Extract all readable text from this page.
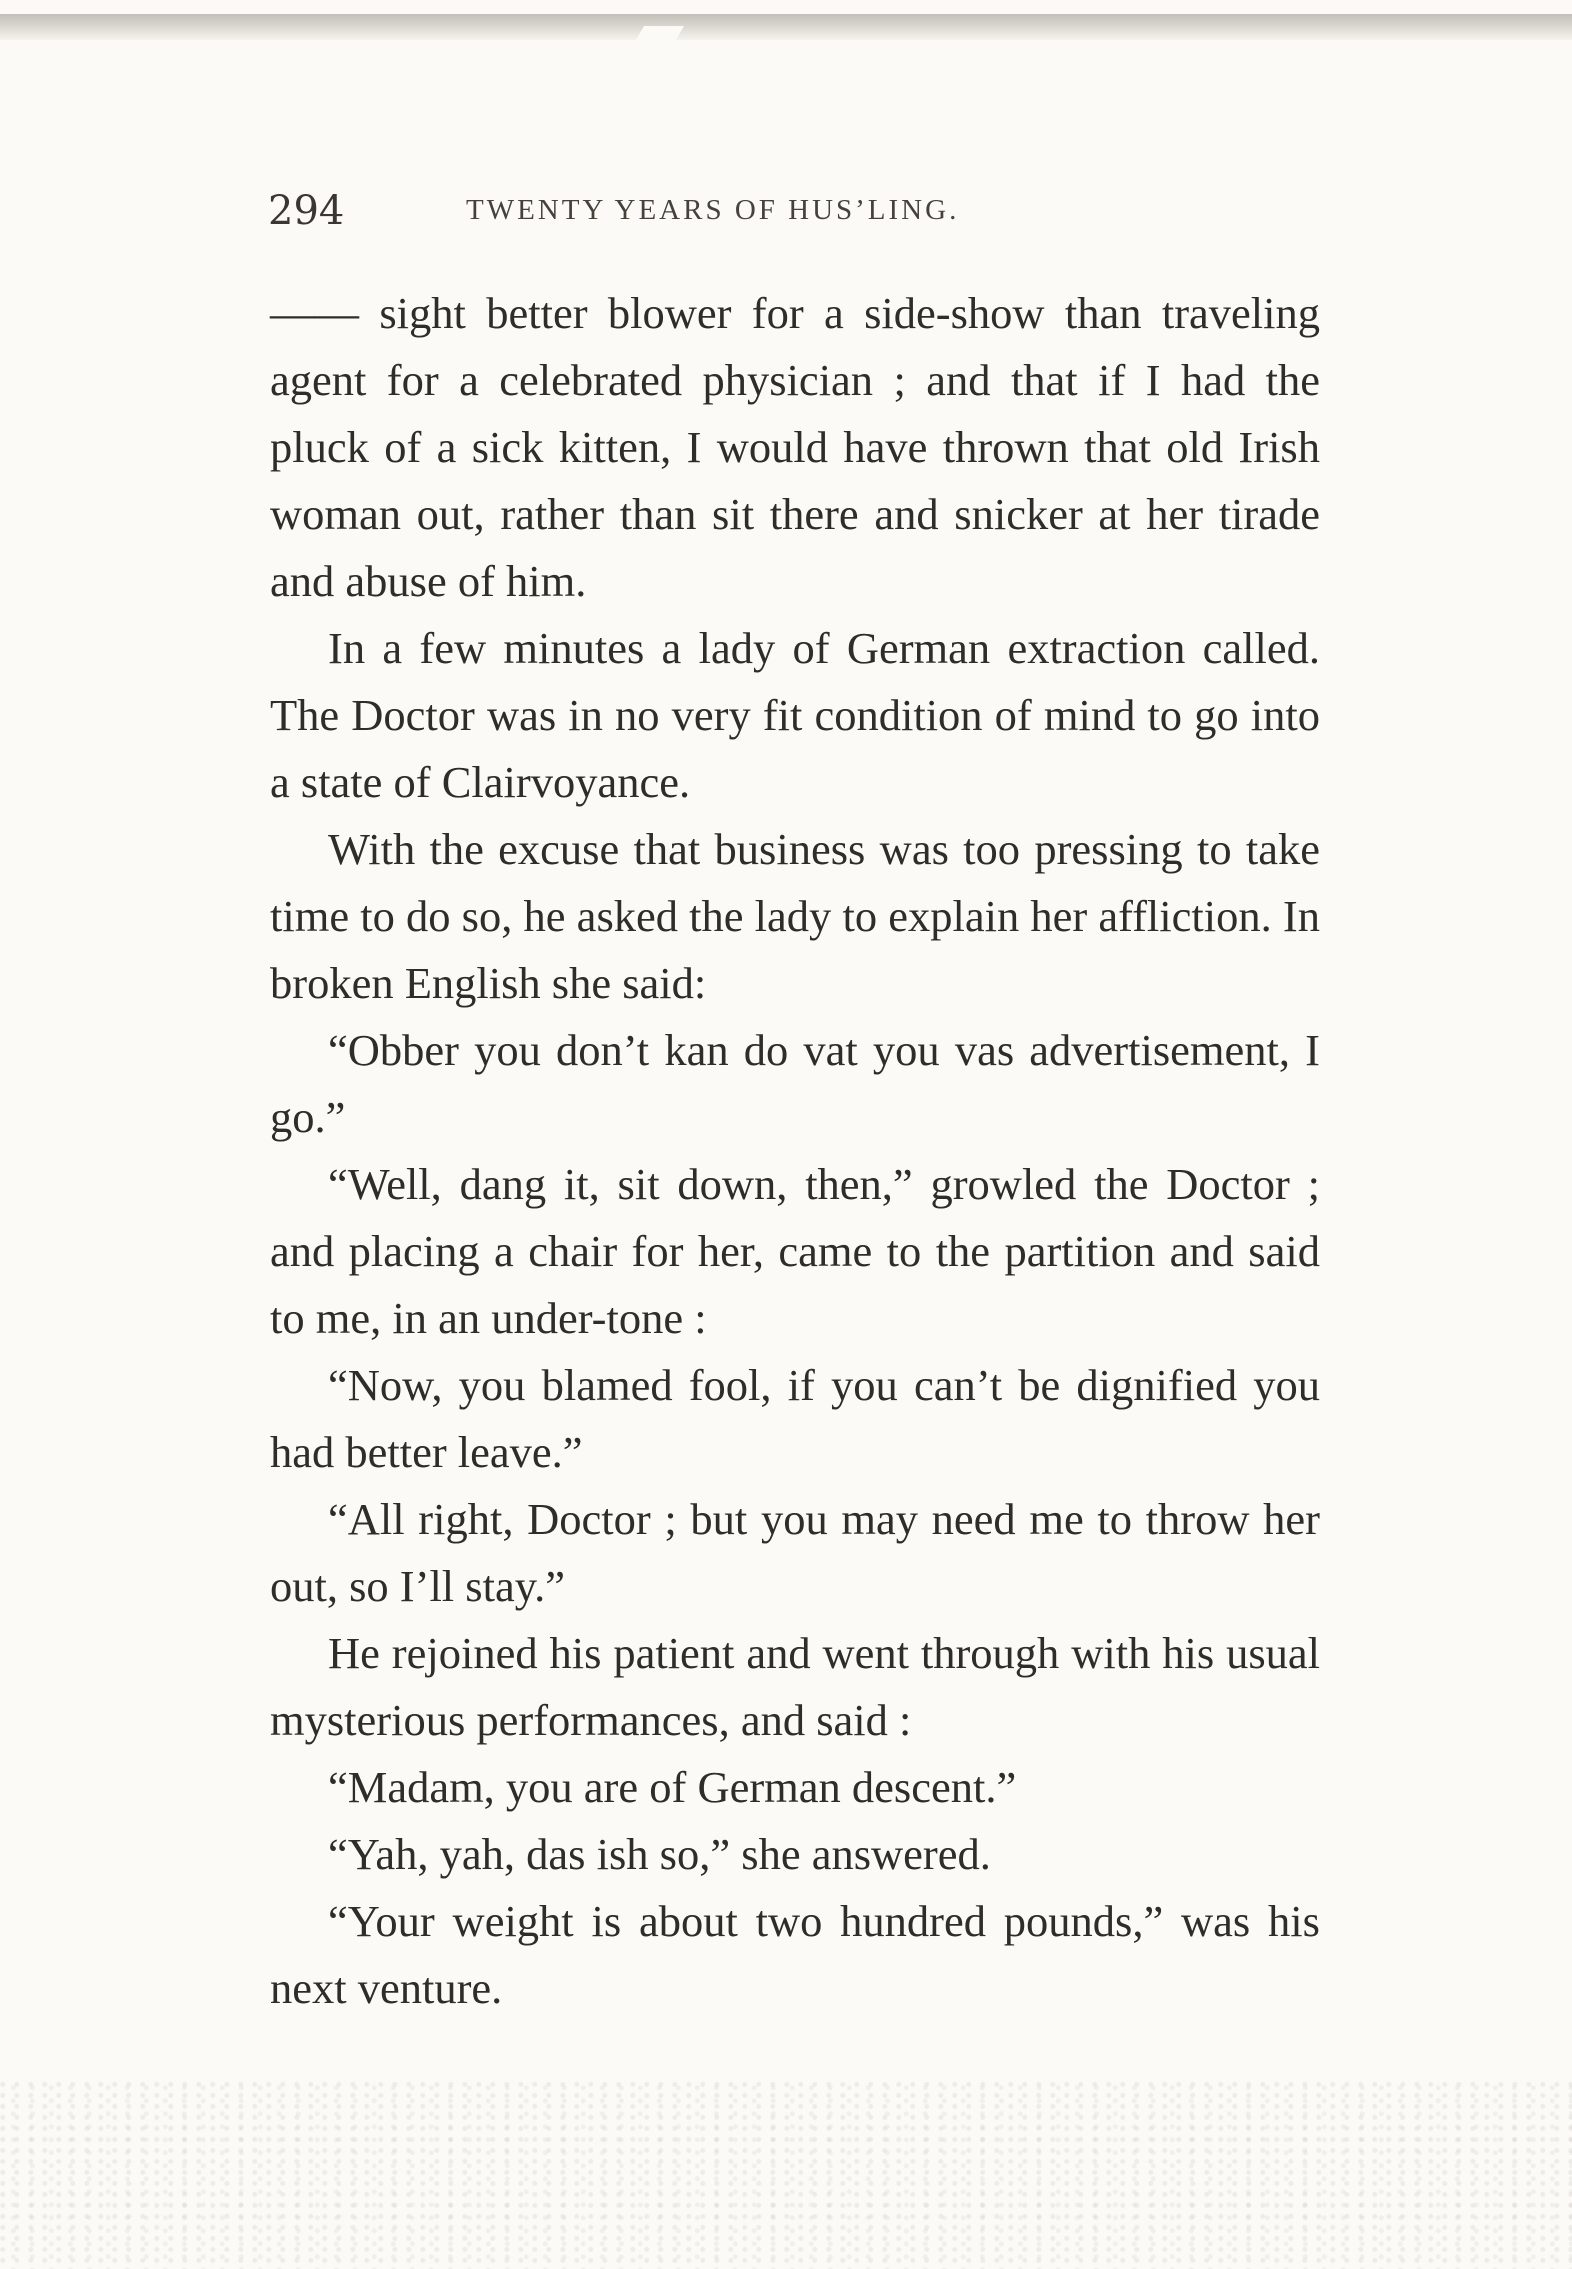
294	TWENTY YEARS OF HUS’LING.

—— sight better blower for a side-show than traveling agent for a celebrated physician ; and that if I had the pluck of a sick kitten, I would have thrown that old Irish woman out, rather than sit there and snicker at her tirade and abuse of him.

In a few minutes a lady of German extraction called. The Doctor was in no very fit condition of mind to go into a state of Clairvoyance.

With the excuse that business was too pressing to take time to do so, he asked the lady to explain her affliction. In broken English she said:

“Obber you don’t kan do vat you vas advertisement, I go.”

“Well, dang it, sit down, then,” growled the Doctor ; and placing a chair for her, came to the partition and said to me, in an under-tone :

“Now, you blamed fool, if you can’t be dignified you had better leave.”

“All right, Doctor ; but you may need me to throw her out, so I’ll stay.”

He rejoined his patient and went through with his usual mysterious performances, and said :

“Madam, you are of German descent.”

“Yah, yah, das ish so,” she answered.

“Your weight is about two hundred pounds,” was his next venture.
